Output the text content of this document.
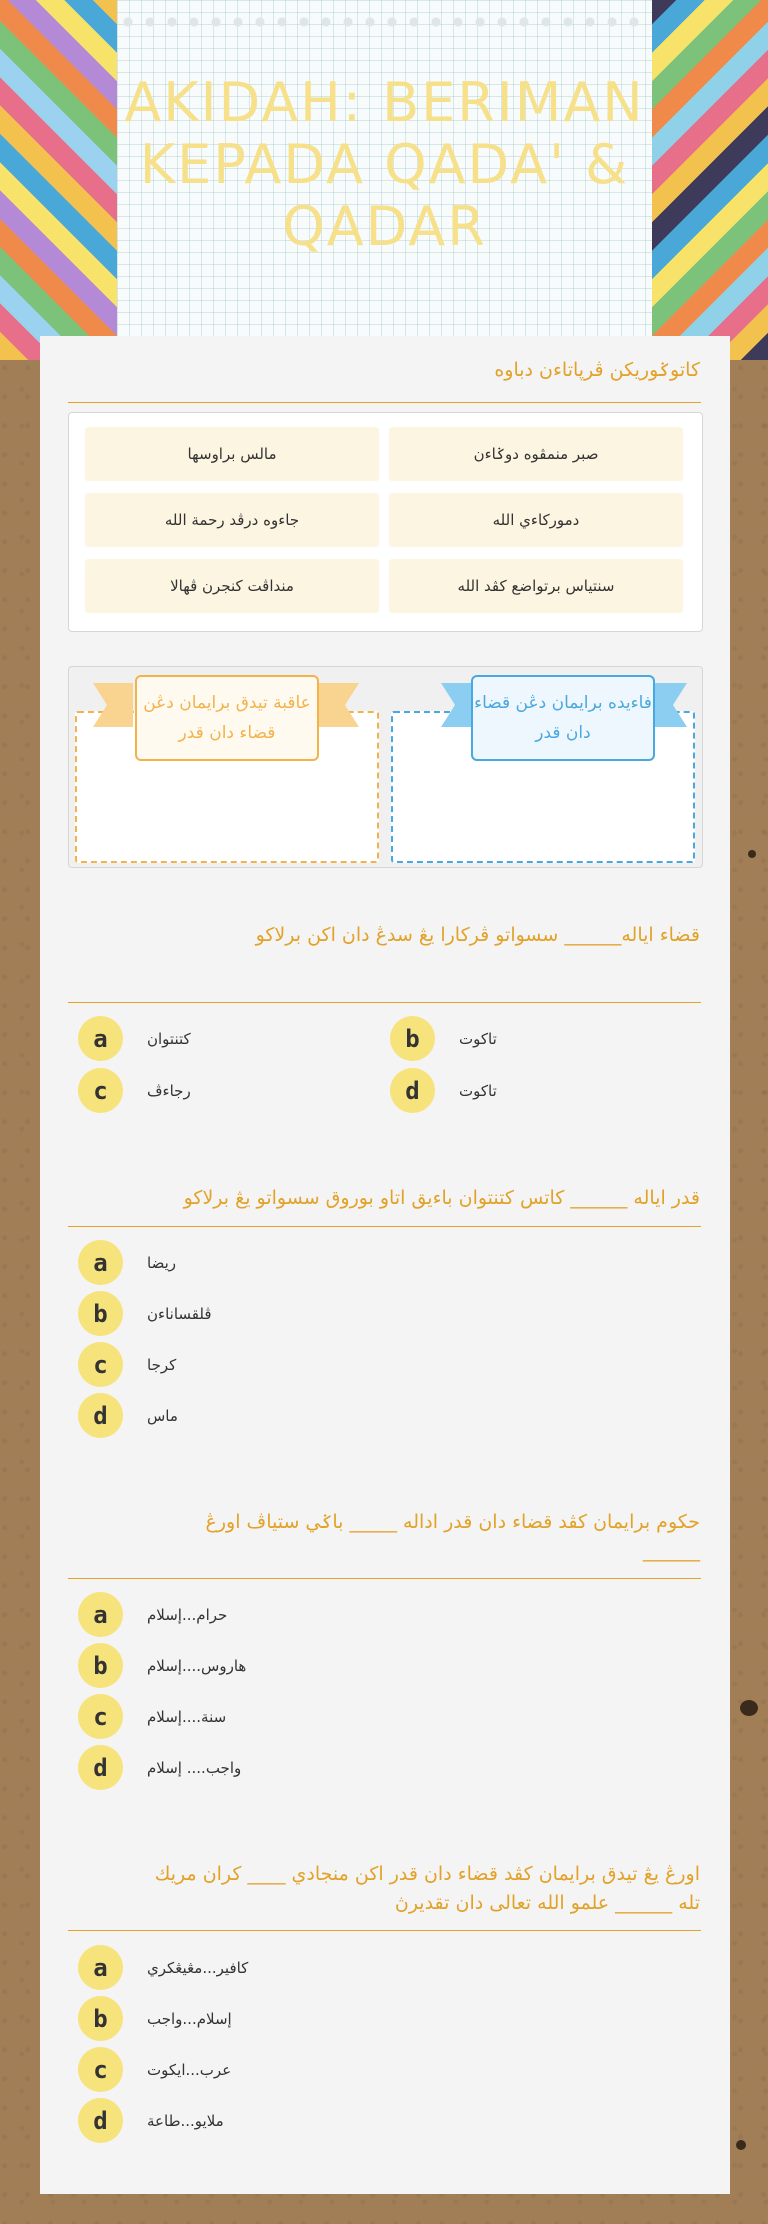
AKIDAH: BERIMAN
KEPADA QADA' &
QADAR
كاتوݢوريكن ڤرڽاتاءن دباوه
صبر منمڤوه دوݢاءن
مالس براوسها
دموركاءي الله
جاءوه درڤد رحمة الله
سنتياس برتواضع كڤد الله
منداڤت كنجرن ڤهالا
فاءيده برايمان دڠن قضاء دان قدر
عاقبة تيدق برايمان دڠن قضاء دان قدر
قضاء اياله______ سسواتو ڤركارا يڠ سدڠ دان اكن برلاكو
a	كتنتوان	b	تاكوت
c	رجاءڤ	d	تاكوت
قدر اياله ______ كاتس كتنتوان باءيق اتاو بوروق سسواتو يڠ برلاكو
a	ريضا
b	ڤلقساناءن
c	كرجا
d	ماس
حكوم برايمان كڤد قضاء دان قدر اداله _____ باݢي ستياڤ اورڠ
______
a	حرام...إسلام
b	هاروس....إسلام
c	سنة....إسلام
d	واجب.... إسلام
اورڠ يڠ تيدق برايمان كڤد قضاء دان قدر اكن منجادي ____ كران مريك
تله ______ علمو الله تعالى دان تقديرڽ
a	كافير...مڠيڠكري
b	إسلام...واجب
c	عرب...ايكوت
d	ملايو...طاعة
